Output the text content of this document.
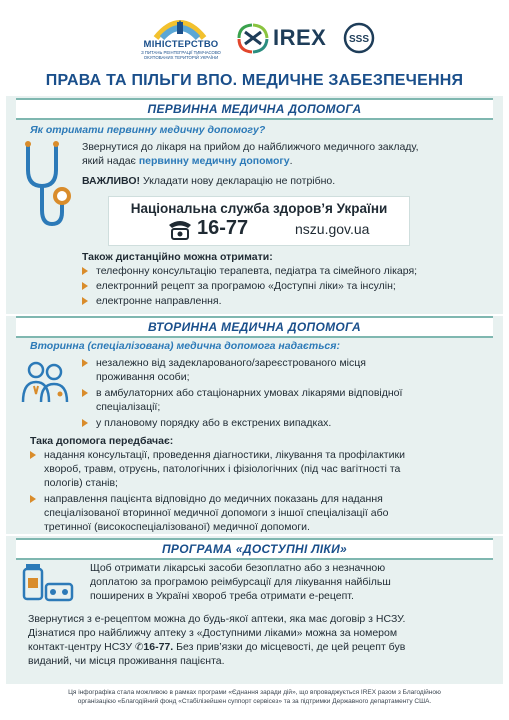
МІНІСТЕРСТВО
З ПИТАНЬ РЕІНТЕГРАЦІЇ ТИМЧАСОВО ОКУПОВАНИХ ТЕРИТОРІЙ УКРАЇНИ
IREX SSS
ПРАВА ТА ПІЛЬГИ ВПО. МЕДИЧНЕ ЗАБЕЗПЕЧЕННЯ
ПЕРВИННА МЕДИЧНА ДОПОМОГА
Як отримати первинну медичну допомогу?
Звернутися до лікаря на прийом до найближчого медичного закладу,
який надає первинну медичну допомогу.
ВАЖЛИВО! Укладати нову декларацію не потрібно.
Національна служба здоров’я України
16-77	nszu.gov.ua
Також дистанційно можна отримати:
телефонну консультацію терапевта, педіатра та сімейного лікаря;
електронний рецепт за програмою «Доступні ліки» та інсулін;
електронне направлення.
ВТОРИННА МЕДИЧНА ДОПОМОГА
Вторинна (спеціалізована) медична допомога надається:
незалежно від задекларованого/зареєстрованого місця
проживання особи;
в амбулаторних або стаціонарних умовах лікарями відповідної
спеціалізації;
у плановому порядку або в екстрених випадках.
Така допомога передбачає:
надання консультації, проведення діагностики, лікування та профілактики
хвороб, травм, отруєнь, патологічних і фізіологічних (під час вагітності та
пологів) станів;
направлення пацієнта відповідно до медичних показань для надання
спеціалізованої вторинної медичної допомоги з іншої спеціалізації або
третинної (високоспеціалізованої) медичної допомоги.
ПРОГРАМА «ДОСТУПНІ ЛІКИ»
Щоб отримати лікарські засоби безоплатно або з незначною
доплатою за програмою реімбурсації для лікування найбільш
поширених в Україні хвороб треба отримати е-рецепт.
Звернутися з е-рецептом можна до будь-якої аптеки, яка має договір з НСЗУ.
Дізнатися про найближчу аптеку з «Доступними ліками» можна за номером
контакт-центру НСЗУ ✆16-77. Без прив’язки до місцевості, де цей рецепт був
виданий, чи місця проживання пацієнта.
Ця інфографіка стала можливою в рамках програми «Єднання заради дій», що впроваджується IREX разом з Благодійною
організацією «Благодійний фонд «Стабілізейшен суппорт сервісез» та за підтримки Державного департаменту США.
